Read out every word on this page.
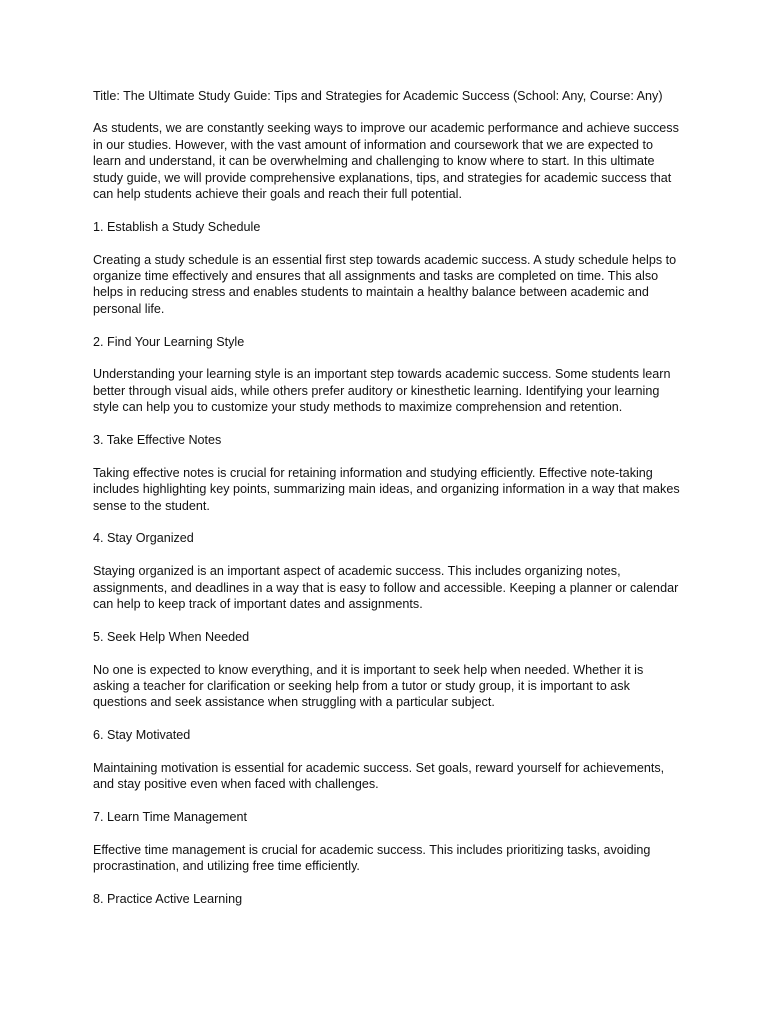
Title: The Ultimate Study Guide: Tips and Strategies for Academic Success (School: Any, Course: Any)

As students, we are constantly seeking ways to improve our academic performance and achieve success in our studies. However, with the vast amount of information and coursework that we are expected to learn and understand, it can be overwhelming and challenging to know where to start. In this ultimate study guide, we will provide comprehensive explanations, tips, and strategies for academic success that can help students achieve their goals and reach their full potential.

1. Establish a Study Schedule

Creating a study schedule is an essential first step towards academic success. A study schedule helps to organize time effectively and ensures that all assignments and tasks are completed on time. This also helps in reducing stress and enables students to maintain a healthy balance between academic and personal life.

2. Find Your Learning Style

Understanding your learning style is an important step towards academic success. Some students learn better through visual aids, while others prefer auditory or kinesthetic learning. Identifying your learning style can help you to customize your study methods to maximize comprehension and retention.

3. Take Effective Notes

Taking effective notes is crucial for retaining information and studying efficiently. Effective note-taking includes highlighting key points, summarizing main ideas, and organizing information in a way that makes sense to the student.

4. Stay Organized

Staying organized is an important aspect of academic success. This includes organizing notes, assignments, and deadlines in a way that is easy to follow and accessible. Keeping a planner or calendar can help to keep track of important dates and assignments.

5. Seek Help When Needed

No one is expected to know everything, and it is important to seek help when needed. Whether it is asking a teacher for clarification or seeking help from a tutor or study group, it is important to ask questions and seek assistance when struggling with a particular subject.

6. Stay Motivated

Maintaining motivation is essential for academic success. Set goals, reward yourself for achievements, and stay positive even when faced with challenges.

7. Learn Time Management

Effective time management is crucial for academic success. This includes prioritizing tasks, avoiding procrastination, and utilizing free time efficiently.

8. Practice Active Learning
